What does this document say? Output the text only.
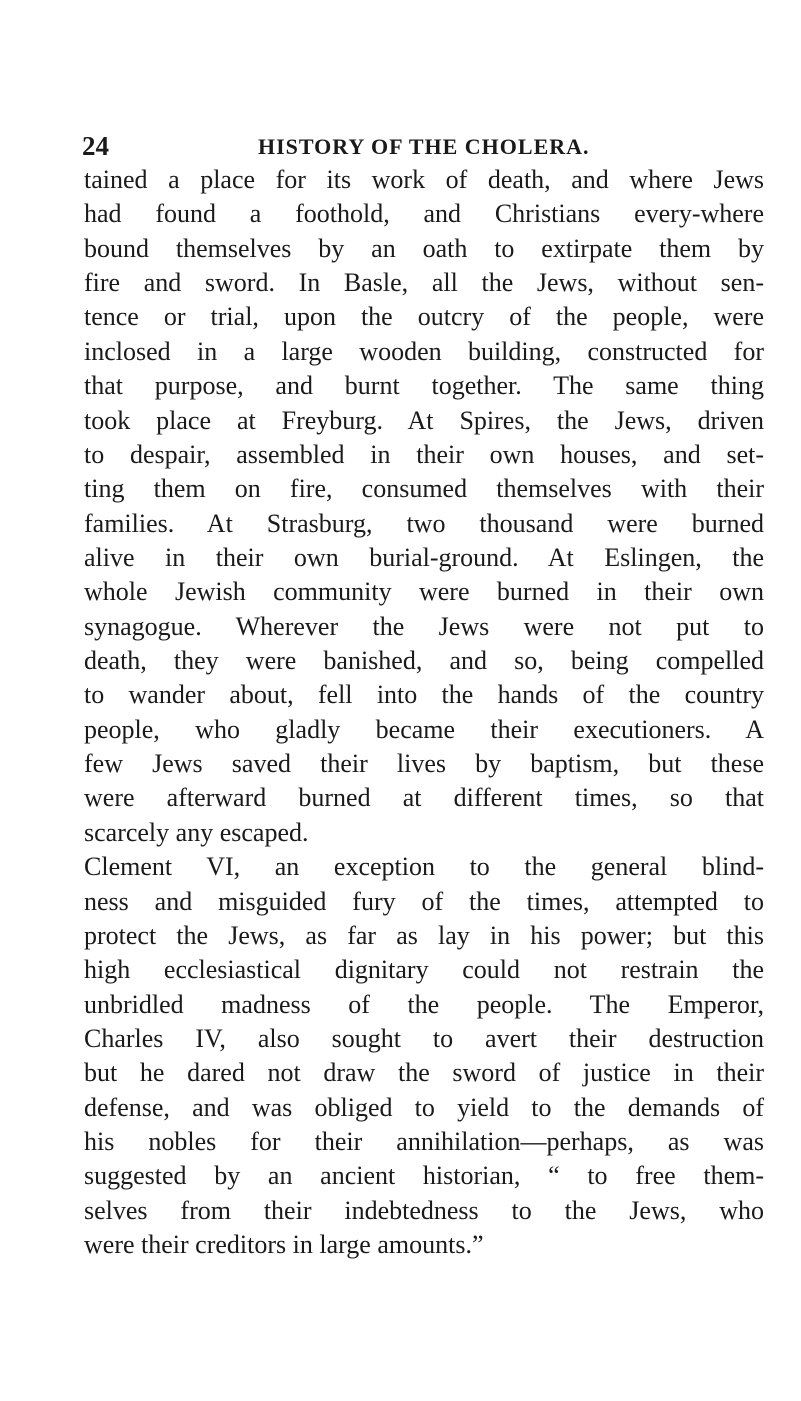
24	HISTORY OF THE CHOLERA.
tained a place for its work of death, and where Jews
had found a foothold, and Christians every-where
bound themselves by an oath to extirpate them by
fire and sword. In Basle, all the Jews, without sen-
tence or trial, upon the outcry of the people, were
inclosed in a large wooden building, constructed for
that purpose, and burnt together. The same thing
took place at Freyburg. At Spires, the Jews, driven
to despair, assembled in their own houses, and set-
ting them on fire, consumed themselves with their
families. At Strasburg, two thousand were burned
alive in their own burial-ground. At Eslingen, the
whole Jewish community were burned in their own
synagogue. Wherever the Jews were not put to
death, they were banished, and so, being compelled
to wander about, fell into the hands of the country
people, who gladly became their executioners. A
few Jews saved their lives by baptism, but these
were afterward burned at different times, so that
scarcely any escaped.
Clement VI, an exception to the general blind-
ness and misguided fury of the times, attempted to
protect the Jews, as far as lay in his power; but this
high ecclesiastical dignitary could not restrain the
unbridled madness of the people. The Emperor,
Charles IV, also sought to avert their destruction
but he dared not draw the sword of justice in their
defense, and was obliged to yield to the demands of
his nobles for their annihilation—perhaps, as was
suggested by an ancient historian, “ to free them-
selves from their indebtedness to the Jews, who
were their creditors in large amounts.”
